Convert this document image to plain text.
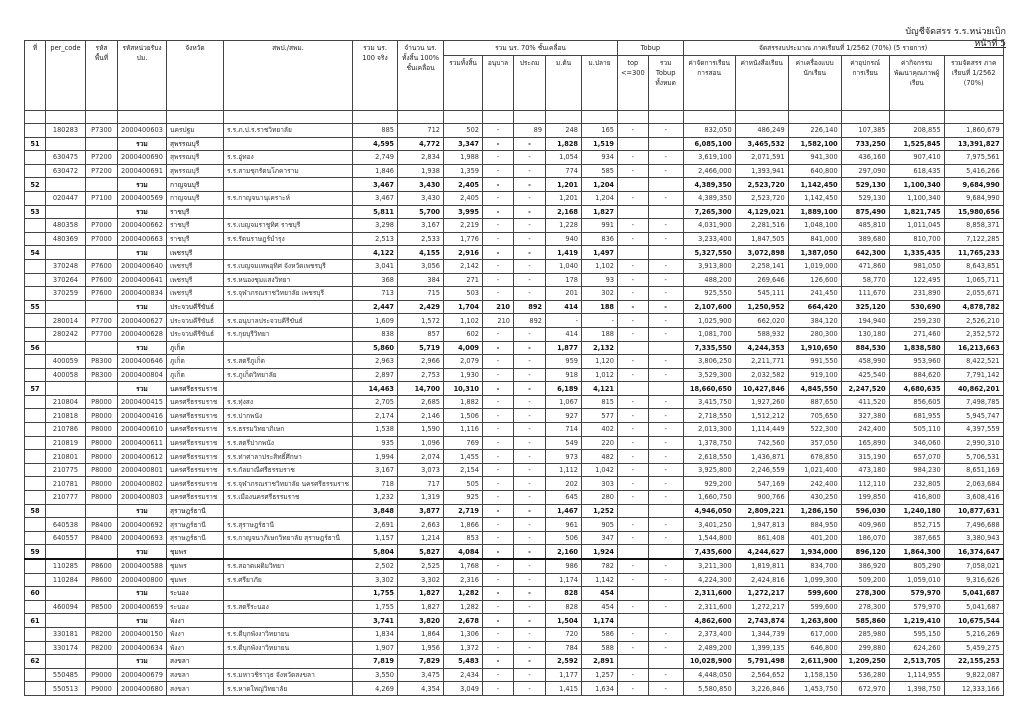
บัญชีจัดสรร ร.ร.หน่วยเบิก
หน้าที่ 5
ที่	per_code	รหัสพื้นที่	รหัสหน่วยรับงปม.	จังหวัด	สพป./สพม.	รวม นร. 100 จริง	จำนวน นร. ทั้งสิ้น 100% ชั้นเคลื่อน	รวม นร. 70% ชั้นเคลื่อน					Tobup		จัดสรรงบประมาณ ภาคเรียนที่ 1/2562 (70%) (5 รายการ)					
								รวมทั้งสิ้น	อนุบาล	ประถม	ม.ต้น	ม.ปลาย	top <=300	รวม Tobup ทั้งหมด	ค่าจัดการเรียนการสอน	ค่าหนังสือเรียน	ค่าเครื่องแบบนักเรียน	ค่าอุปกรณ์การเรียน	ค่ากิจกรรมพัฒนาคุณภาพผู้เรียน	รวมจัดสรร ภาคเรียนที่ 1/2562 (70%)

	180283	P7300	2000400603	นครปฐม	ร.ร.ภ.ป.ร.ราชวิทยาลัย	885	712	502	-	89	248	165	-	-	832,050	486,249	226,140	107,385	208,855	1,860,679
51			รวม	สุพรรณบุรี		4,595	4,772	3,347	-	-	1,828	1,519			6,085,100	3,465,532	1,582,100	733,250	1,525,845	13,391,827
	630475	P7200	2000400690	สุพรรณบุรี	ร.ร.อู่ทอง	2,749	2,834	1,988	-	-	1,054	934	-	-	3,619,100	2,071,591	941,300	436,160	907,410	7,975,561
	630472	P7200	2000400691	สุพรรณบุรี	ร.ร.สามชุกรัตนโภคาราม	1,846	1,938	1,359	-	-	774	585	-	-	2,466,000	1,393,941	640,800	297,090	618,435	5,416,266
52			รวม	กาญจนบุรี		3,467	3,430	2,405	-	-	1,201	1,204			4,389,350	2,523,720	1,142,450	529,130	1,100,340	9,684,990
	020447	P7100	2000400569	กาญจนบุรี	ร.ร.กาญจนานุเคราะห์	3,467	3,430	2,405	-	-	1,201	1,204	-	-	4,389,350	2,523,720	1,142,450	529,130	1,100,340	9,684,990
53			รวม	ราชบุรี		5,811	5,700	3,995	-	-	2,168	1,827			7,265,300	4,129,021	1,889,100	875,490	1,821,745	15,980,656
	480358	P7000	2000400662	ราชบุรี	ร.ร.เบญจมราชูทิศ ราชบุรี	3,298	3,167	2,219	-	-	1,228	991	-	-	4,031,900	2,281,516	1,048,100	485,810	1,011,045	8,858,371
	480369	P7000	2000400663	ราชบุรี	ร.ร.รัตนราษฎร์บำรุง	2,513	2,533	1,776	-	-	940	836	-	-	3,233,400	1,847,505	841,000	389,680	810,700	7,122,285
54			รวม	เพชรบุรี		4,122	4,155	2,916	-	-	1,419	1,497			5,327,550	3,072,898	1,387,050	642,300	1,335,435	11,765,233
	370248	P7600	2000400640	เพชรบุรี	ร.ร.เบญจมเทพอุทิศ จังหวัดเพชรบุรี	3,041	3,056	2,142	-	-	1,040	1,102	-	-	3,913,800	2,258,141	1,019,000	471,860	981,050	8,643,851
	370264	P7600	2000400641	เพชรบุรี	ร.ร.หนองชุมแสงวิทยา	368	384	271	-	-	178	93	-	-	488,200	269,646	126,600	58,770	122,495	1,065,711
	370259	P7600	2000400834	เพชรบุรี	ร.ร.จุฬาภรณราชวิทยาลัย เพชรบุรี	713	715	503	-	-	201	302	-	-	925,550	545,111	241,450	111,670	231,890	2,055,671
55			รวม	ประจวบคีรีขันธ์		2,447	2,429	1,704	210	892	414	188	-	-	2,107,600	1,250,952	664,420	325,120	530,690	4,878,782
	280014	P7700	2000400627	ประจวบคีรีขันธ์	ร.ร.อนุบาลประจวบคีรีขันธ์	1,609	1,572	1,102	210	892	-	-	-	-	1,025,900	662,020	384,120	194,940	259,230	2,526,210
	280242	P7700	2000400628	ประจวบคีรีขันธ์	ร.ร.กุยบุรีวิทยา	838	857	602	-	-	414	188	-	-	1,081,700	588,932	280,300	130,180	271,460	2,352,572
56			รวม	ภูเก็ต		5,860	5,719	4,009	-	-	1,877	2,132			7,335,550	4,244,353	1,910,650	884,530	1,838,580	16,213,663
	400059	P8300	2000400646	ภูเก็ต	ร.ร.สตรีภูเก็ต	2,963	2,966	2,079	-	-	959	1,120	-	-	3,806,250	2,211,771	991,550	458,990	953,960	8,422,521
	400058	P8300	2000400804	ภูเก็ต	ร.ร.ภูเก็ตวิทยาลัย	2,897	2,753	1,930	-	-	918	1,012	-	-	3,529,300	2,032,582	919,100	425,540	884,620	7,791,142
57			รวม	นครศรีธรรมราช		14,463	14,700	10,310	-	-	6,189	4,121			18,660,650	10,427,846	4,845,550	2,247,520	4,680,635	40,862,201
	210804	P8000	2000400415	นครศรีธรรมราช	ร.ร.ทุ่งสง	2,705	2,685	1,882	-	-	1,067	815	-	-	3,415,750	1,927,260	887,650	411,520	856,605	7,498,785
	210818	P8000	2000400416	นครศรีธรรมราช	ร.ร.ปากพนัง	2,174	2,146	1,506	-	-	927	577	-	-	2,718,550	1,512,212	705,650	327,380	681,955	5,945,747
	210786	P8000	2000400610	นครศรีธรรมราช	ร.ร.ธรรมวิทยาภิเษก	1,538	1,590	1,116	-	-	714	402	-	-	2,013,300	1,114,449	522,300	242,400	505,110	4,397,559
	210819	P8000	2000400611	นครศรีธรรมราช	ร.ร.สตรีปากพนัง	935	1,096	769	-	-	549	220	-	-	1,378,750	742,560	357,050	165,890	346,060	2,990,310
	210801	P8000	2000400612	นครศรีธรรมราช	ร.ร.ท่าศาลาประสิทธิ์ศึกษา	1,994	2,074	1,455	-	-	973	482	-	-	2,618,550	1,436,871	678,850	315,190	657,070	5,706,531
	210775	P8000	2000400801	นครศรีธรรมราช	ร.ร.กัลยาณีศรีธรรมราช	3,167	3,073	2,154	-	-	1,112	1,042	-	-	3,925,800	2,246,559	1,021,400	473,180	984,230	8,651,169
	210781	P8000	2000400802	นครศรีธรรมราช	ร.ร.จุฬาภรณราชวิทยาลัย นครศรีธรรมราช	718	717	505	-	-	202	303	-	-	929,200	547,169	242,400	112,110	232,805	2,063,684
	210777	P8000	2000400803	นครศรีธรรมราช	ร.ร.เมืองนครศรีธรรมราช	1,232	1,319	925	-	-	645	280	-	-	1,660,750	900,766	430,250	199,850	416,800	3,608,416
58			รวม	สุราษฎร์ธานี		3,848	3,877	2,719	-	-	1,467	1,252			4,946,050	2,809,221	1,286,150	596,030	1,240,180	10,877,631
	640538	P8400	2000400692	สุราษฎร์ธานี	ร.ร.สุราษฎร์ธานี	2,691	2,663	1,866	-	-	961	905	-	-	3,401,250	1,947,813	884,950	409,960	852,715	7,496,688
	640557	P8400	2000400693	สุราษฎร์ธานี	ร.ร.กาญจนาภิเษกวิทยาลัย สุราษฎร์ธานี	1,157	1,214	853	-	-	506	347	-	-	1,544,800	861,408	401,200	186,070	387,665	3,380,943
59			รวม	ชุมพร		5,804	5,827	4,084	-	-	2,160	1,924			7,435,600	4,244,627	1,934,000	896,120	1,864,300	16,374,647
	110285	P8600	2000400588	ชุมพร	ร.ร.สอาดเผดิมวิทยา	2,502	2,525	1,768	-	-	986	782	-	-	3,211,300	1,819,811	834,700	386,920	805,290	7,058,021
	110284	P8600	2000400800	ชุมพร	ร.ร.ศรียาภัย	3,302	3,302	2,316	-	-	1,174	1,142	-	-	4,224,300	2,424,816	1,099,300	509,200	1,059,010	9,316,626
60			รวม	ระนอง		1,755	1,827	1,282	-	-	828	454			2,311,600	1,272,217	599,600	278,300	579,970	5,041,687
	460094	P8500	2000400659	ระนอง	ร.ร.สตรีระนอง	1,755	1,827	1,282	-	-	828	454	-	-	2,311,600	1,272,217	599,600	278,300	579,970	5,041,687
61			รวม	พังงา		3,741	3,820	2,678	-	-	1,504	1,174			4,862,600	2,743,874	1,263,800	585,860	1,219,410	10,675,544
	330181	P8200	2000400150	พังงา	ร.ร.ดีบุกพังงาวิทยายน	1,834	1,864	1,306	-	-	720	586	-	-	2,373,400	1,344,739	617,000	285,980	595,150	5,216,269
	330174	P8200	2000400634	พังงา	ร.ร.ดีบุกพังงาวิทยายน	1,907	1,956	1,372	-	-	784	588	-	-	2,489,200	1,399,135	646,800	299,880	624,260	5,459,275
62			รวม	สงขลา		7,819	7,829	5,483	-	-	2,592	2,891			10,028,900	5,791,498	2,611,900	1,209,250	2,513,705	22,155,253
	550485	P9000	2000400679	สงขลา	ร.ร.มหาวชิราวุธ จังหวัดสงขลา	3,550	3,475	2,434	-	-	1,177	1,257	-	-	4,448,050	2,564,652	1,158,150	536,280	1,114,955	9,822,087
	550513	P9000	2000400680	สงขลา	ร.ร.หาดใหญ่วิทยาลัย	4,269	4,354	3,049	-	-	1,415	1,634	-	-	5,580,850	3,226,846	1,453,750	672,970	1,398,750	12,333,166
